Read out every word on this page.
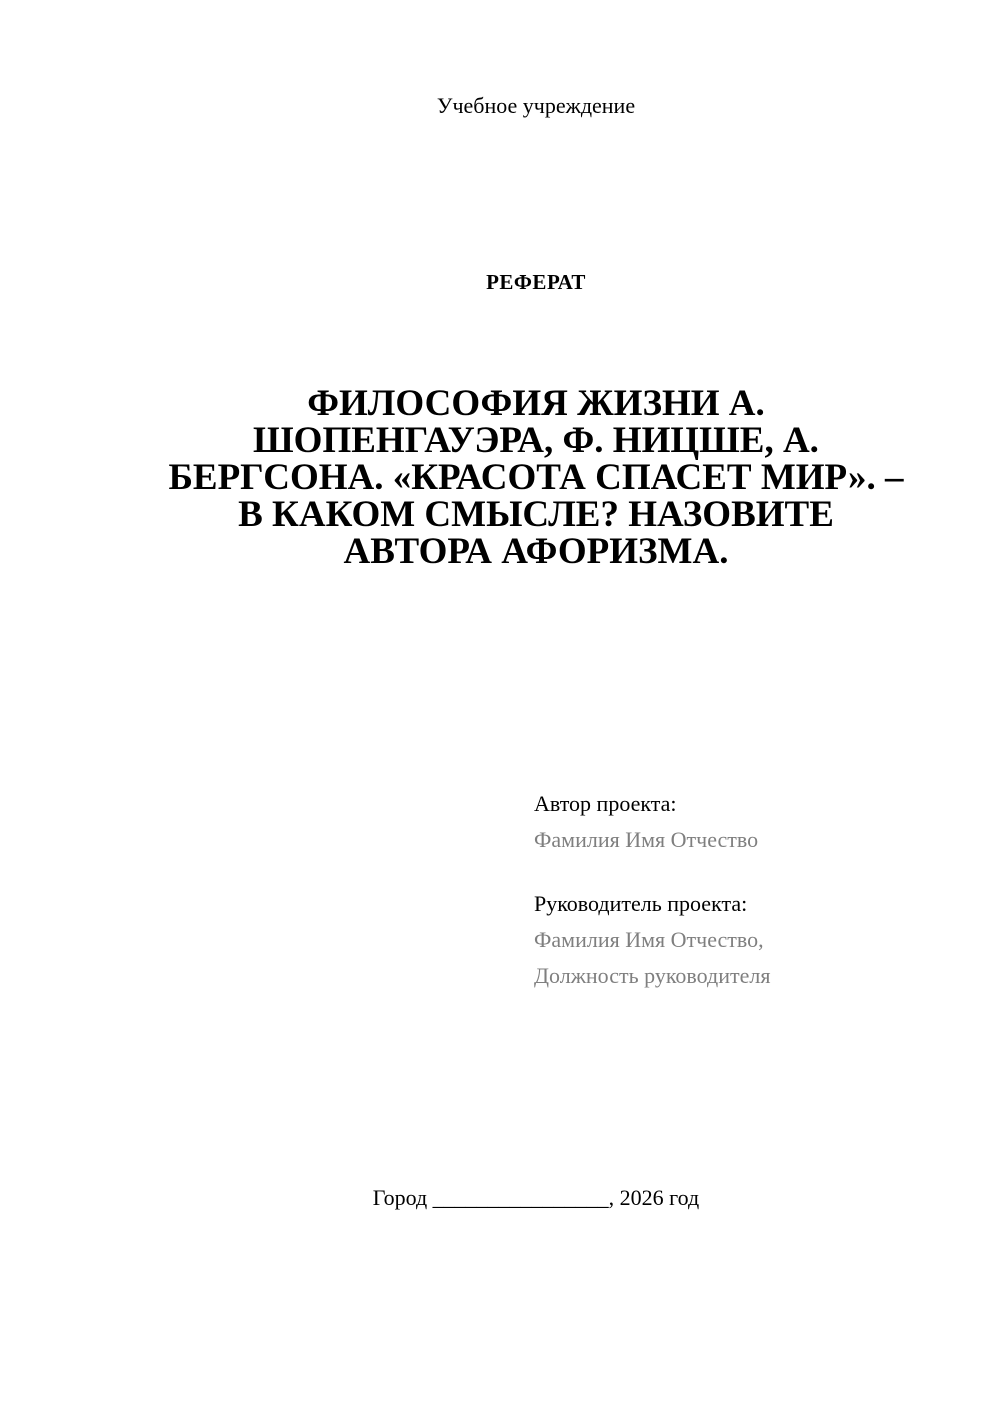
Учебное учреждение
РЕФЕРАТ
ФИЛОСОФИЯ ЖИЗНИ А.
ШОПЕНГАУЭРА, Ф. НИЦШЕ, А.
БЕРГСОНА. «КРАСОТА СПАСЕТ МИР». –
В КАКОМ СМЫСЛЕ? НАЗОВИТЕ
АВТОРА АФОРИЗМА.
Автор проекта:
Фамилия Имя Отчество
Руководитель проекта:
Фамилия Имя Отчество,
Должность руководителя
Город ________________, 2026 год
